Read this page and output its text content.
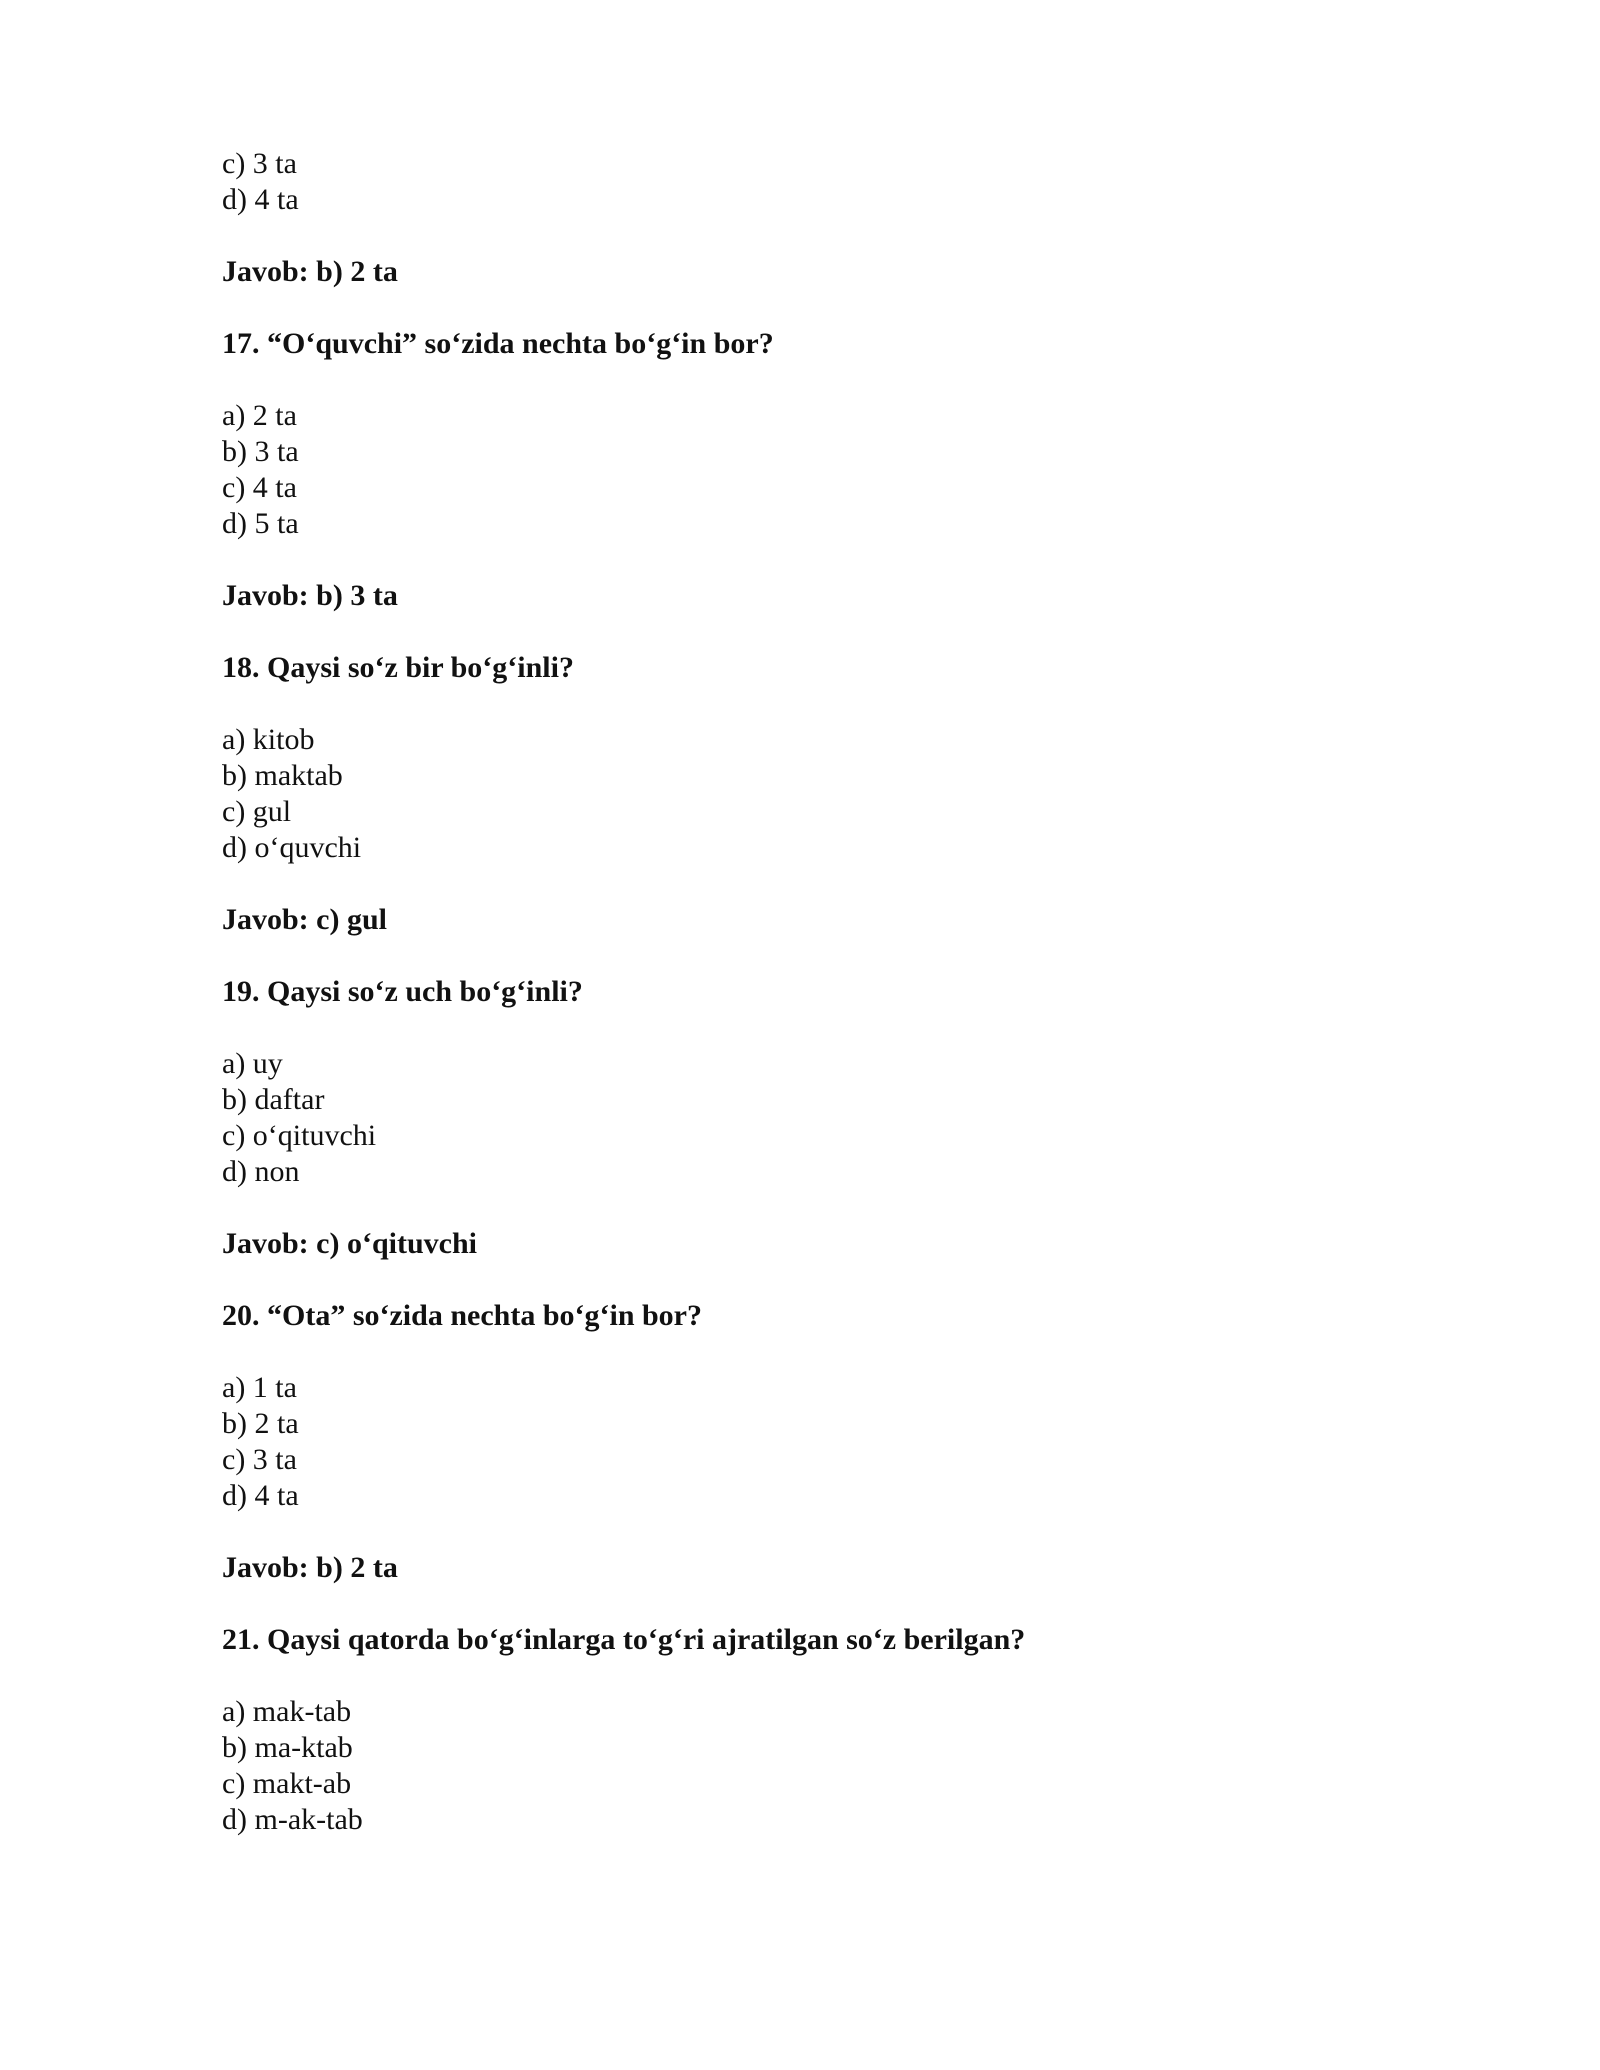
c) 3 ta
d) 4 ta
Javob: b) 2 ta
17. “O‘quvchi” so‘zida nechta bo‘g‘in bor?
a) 2 ta
b) 3 ta
c) 4 ta
d) 5 ta
Javob: b) 3 ta
18. Qaysi so‘z bir bo‘g‘inli?
a) kitob
b) maktab
c) gul
d) o‘quvchi
Javob: c) gul
19. Qaysi so‘z uch bo‘g‘inli?
a) uy
b) daftar
c) o‘qituvchi
d) non
Javob: c) o‘qituvchi
20. “Ota” so‘zida nechta bo‘g‘in bor?
a) 1 ta
b) 2 ta
c) 3 ta
d) 4 ta
Javob: b) 2 ta
21. Qaysi qatorda bo‘g‘inlarga to‘g‘ri ajratilgan so‘z berilgan?
a) mak-tab
b) ma-ktab
c) makt-ab
d) m-ak-tab
